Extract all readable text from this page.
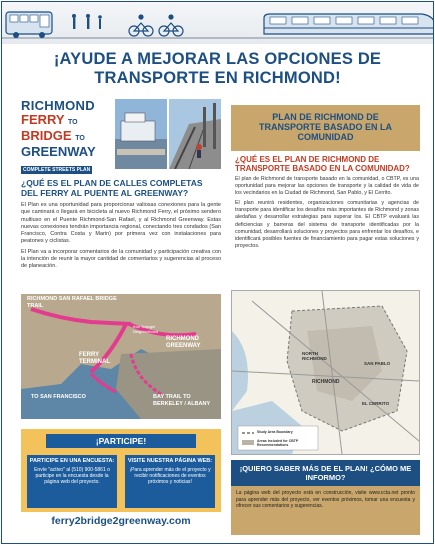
¡AYUDE A MEJORAR LAS OPCIONES DE
TRANSPORTE EN RICHMOND!
RICHMOND
FERRY TO
BRIDGE TO
GREENWAY
COMPLETE STREETS PLAN
¿QUÉ ES EL PLAN DE CALLES COMPLETAS DEL FERRY AL PUENTE AL GREENWAY?

El Plan es una oportunidad para proporcionar valiosas conexiones para la gente que caminará o llegará en bicicleta al nuevo Richmond Ferry, el próximo sendero multiuso en el Puente Richmond-San Rafael, y al Richmond Greenway. Estas nuevas conexiones tendrán importancia regional, conectando tres condados (San Francisco, Contra Costa y Marin) por primera vez con instalaciones para peatones y ciclistas.

El Plan va a incorporar comentarios de la comunidad y participación creativa con la intención de reunir la mayor cantidad de comentarios y sugerencias al proceso de planeación.

RICHMOND SAN RAFAEL BRIDGE TRAIL
RICHMOND GREENWAY
Iron Triangle Neighborhood
FERRY TERMINAL
TO SAN FRANCISCO	BAY TRAIL TO BERKELEY / ALBANY
¡PARTICIPE!
PARTICIPE EN UNA ENCUESTA:
Envíe "activo" al (510) 900-5861 o participe en la encuesta desde la página web del proyecto.
VISITE NUESTRA PÁGINA WEB:
¡Para aprender más de el proyecto y recibir notificaciones de eventos próximos y noticias!
ferry2bridge2greenway.com
PLAN DE RICHMOND DE TRANSPORTE BASADO EN LA COMUNIDAD
¿QUÉ ES EL PLAN DE RICHMOND DE TRANSPORTE BASADO EN LA COMUNIDAD?

El plan de Richmond de transporte basado en la comunidad, o CBTP, es una oportunidad para mejorar las opciones de transporte y la calidad de vida de los vecindarios en la Ciudad de Richmond, San Pablo, y El Cerrito.

El plan reunirá residentes, organizaciones comunitarias y agencias de transporte para identificar los desafíos más importantes de Richmond y zonas aledañas y desarrollar estrategias para superar los. El CBTP evaluará las deficiencias y barreras del sistema de transporte identificadas por la comunidad, desarrollará soluciones y proyectos para enfrentar los desafíos, e identificará posibles fuentes de financiamiento para pagar estas soluciones y proyectos.

NORTH RICHMOND
RICHMOND
SAN PABLO
EL CERRITO
Study Area Boundary
Areas Included for CBTP Recommendations
¡QUIERO SABER MÁS DE EL PLAN! ¿CÓMO ME INFORMO?
La página web del proyecto está en construcción, visite www.ccta.net pronto para aprender más del proyecto, ver eventos próximos, tomar una encuesta y ofrecer sus comentarios y sugerencias.
